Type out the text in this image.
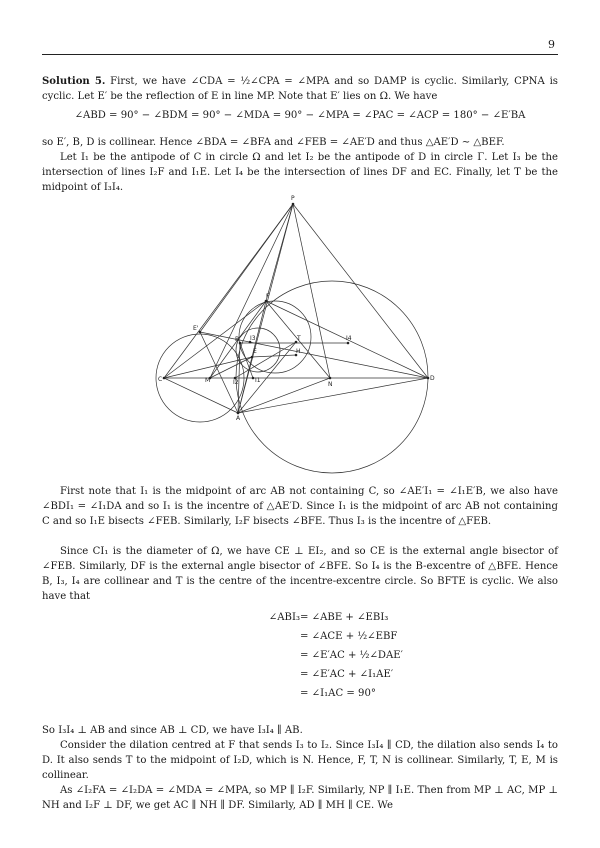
9

Solution 5. First, we have ∠CDA = ½∠CPA = ∠MPA and so DAMP is cyclic. Similarly, CPNA is cyclic. Let E′ be the reflection of E in line MP. Note that E′ lies on Ω. We have

∠ABD = 90° − ∠BDM = 90° − ∠MDA = 90° − ∠MPA = ∠PAC = ∠ACP = 180° − ∠E′BA

so E′, B, D is collinear. Hence ∠BDA = ∠BFA and ∠FEB = ∠AE′D and thus △AE′D ∼ △BEF.

Let I₁ be the antipode of C in circle Ω and let I₂ be the antipode of D in circle Γ. Let I₃ be the intersection of lines I₂F and I₁E. Let I₄ be the intersection of lines DF and EC. Finally, let T be the midpoint of I₃I₄.

P
F
E'
I4
B I3	T
E	H
C	M	I2	I1
N
D
A

First note that I₁ is the midpoint of arc AB not containing C, so ∠AE′I₁ = ∠I₁E′B, we also have ∠BDI₁ = ∠I₁DA and so I₁ is the incentre of △AE′D. Since I₁ is the midpoint of arc AB not containing C and so I₁E bisects ∠FEB. Similarly, I₂F bisects ∠BFE. Thus I₃ is the incentre of △FEB.

Since CI₁ is the diameter of Ω, we have CE ⊥ EI₂, and so CE is the external angle bisector of ∠FEB. Similarly, DF is the external angle bisector of ∠BFE. So I₄ is the B-excentre of △BFE. Hence B, I₃, I₄ are collinear and T is the centre of the incentre-excentre circle. So BFTE is cyclic. We also have that

∠ABI₃ = ∠ABE + ∠EBI₃
= ∠ACE + ½∠EBF
= ∠E′AC + ½∠DAE′
= ∠E′AC + ∠I₁AE′
= ∠I₁AC = 90°

So I₃I₄ ⊥ AB and since AB ⊥ CD, we have I₃I₄ ∥ AB.

Consider the dilation centred at F that sends I₃ to I₂. Since I₃I₄ ∥ CD, the dilation also sends I₄ to D. It also sends T to the midpoint of I₂D, which is N. Hence, F, T, N is collinear. Similarly, T, E, M is collinear.

As ∠I₂FA = ∠I₂DA = ∠MDA = ∠MPA, so MP ∥ I₂F. Similarly, NP ∥ I₁E. Then from MP ⊥ AC, MP ⊥ NH and I₂F ⊥ DF, we get AC ∥ NH ∥ DF. Similarly, AD ∥ MH ∥ CE. We
